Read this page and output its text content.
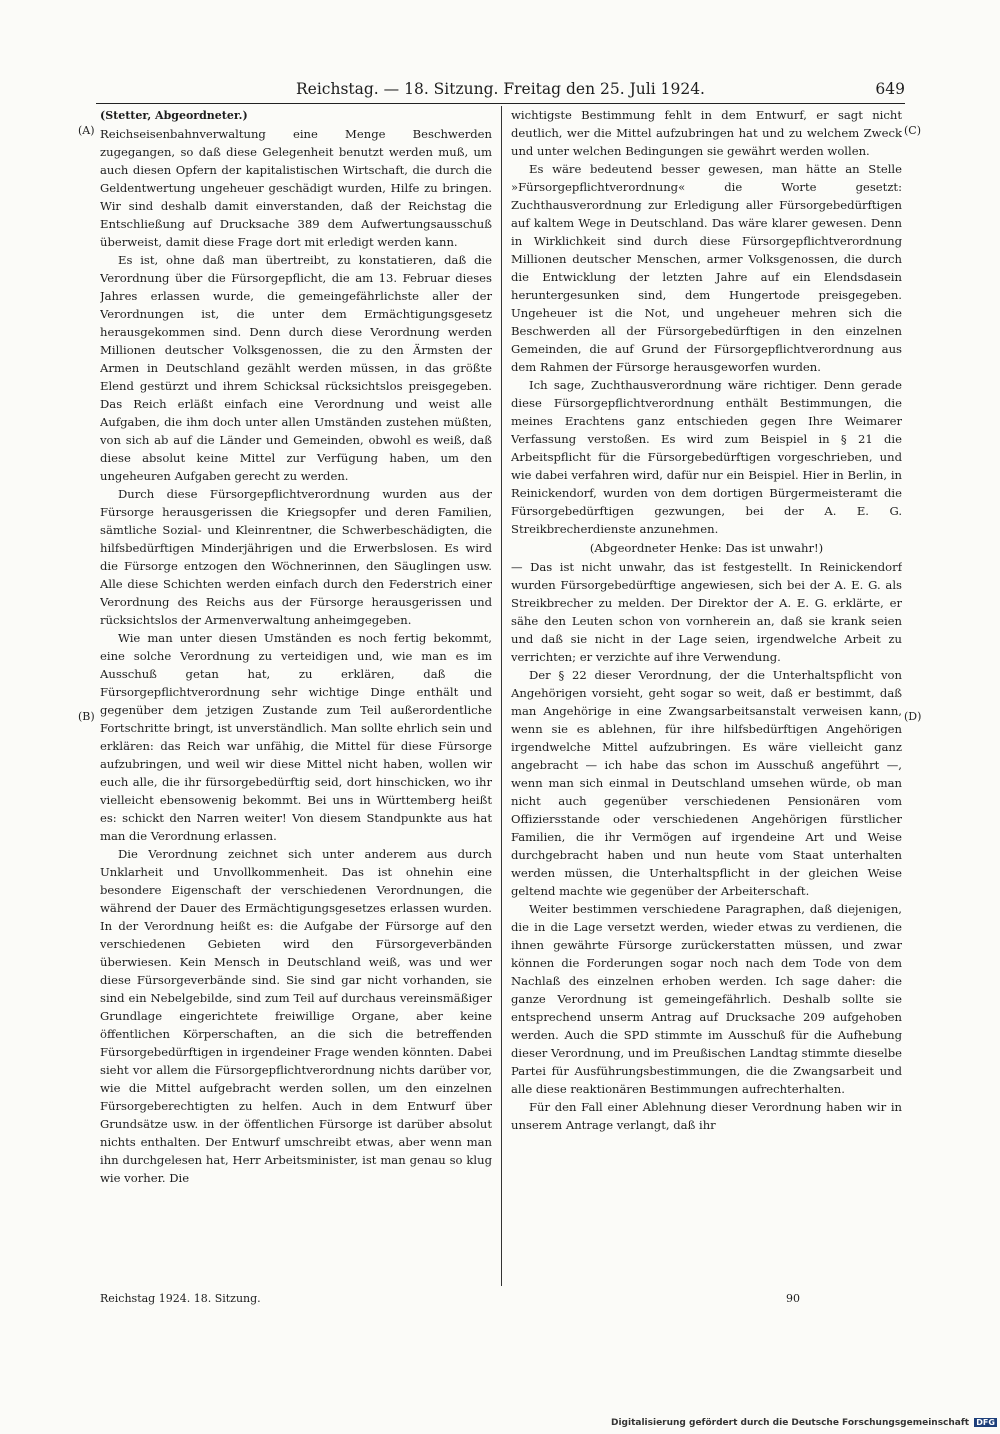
Reichstag. — 18. Sitzung. Freitag den 25. Juli 1924.	649
(A)
(B)
(C)
(D)

(Stetter, Abgeordneter.)

Reichseisenbahnverwaltung eine Menge Beschwerden zugegangen, so daß diese Gelegenheit benutzt werden muß, um auch diesen Opfern der kapitalistischen Wirtschaft, die durch die Geldentwertung ungeheuer geschädigt wurden, Hilfe zu bringen. Wir sind deshalb damit einverstanden, daß der Reichstag die Entschließung auf Drucksache 389 dem Aufwertungsausschuß überweist, damit diese Frage dort mit erledigt werden kann.

Es ist, ohne daß man übertreibt, zu konstatieren, daß die Verordnung über die Fürsorgepflicht, die am 13. Februar dieses Jahres erlassen wurde, die gemeingefährlichste aller der Verordnungen ist, die unter dem Ermächtigungsgesetz herausgekommen sind. Denn durch diese Verordnung werden Millionen deutscher Volksgenossen, die zu den Ärmsten der Armen in Deutschland gezählt werden müssen, in das größte Elend gestürzt und ihrem Schicksal rücksichtslos preisgegeben. Das Reich erläßt einfach eine Verordnung und weist alle Aufgaben, die ihm doch unter allen Umständen zustehen müßten, von sich ab auf die Länder und Gemeinden, obwohl es weiß, daß diese absolut keine Mittel zur Verfügung haben, um den ungeheuren Aufgaben gerecht zu werden.

Durch diese Fürsorgepflichtverordnung wurden aus der Fürsorge herausgerissen die Kriegsopfer und deren Familien, sämtliche Sozial- und Kleinrentner, die Schwerbeschädigten, die hilfsbedürftigen Minderjährigen und die Erwerbslosen. Es wird die Fürsorge entzogen den Wöchnerinnen, den Säuglingen usw. Alle diese Schichten werden einfach durch den Federstrich einer Verordnung des Reichs aus der Fürsorge herausgerissen und rücksichtslos der Armenverwaltung anheimgegeben.

Wie man unter diesen Umständen es noch fertig bekommt, eine solche Verordnung zu verteidigen und, wie man es im Ausschuß getan hat, zu erklären, daß die Fürsorgepflichtverordnung sehr wichtige Dinge enthält und gegenüber dem jetzigen Zustande zum Teil außerordentliche Fortschritte bringt, ist unverständlich. Man sollte ehrlich sein und erklären: das Reich war unfähig, die Mittel für diese Fürsorge aufzubringen, und weil wir diese Mittel nicht haben, wollen wir euch alle, die ihr fürsorgebedürftig seid, dort hinschicken, wo ihr vielleicht ebensowenig bekommt. Bei uns in Württemberg heißt es: schickt den Narren weiter! Von diesem Standpunkte aus hat man die Verordnung erlassen.

Die Verordnung zeichnet sich unter anderem aus durch Unklarheit und Unvollkommenheit. Das ist ohnehin eine besondere Eigenschaft der verschiedenen Verordnungen, die während der Dauer des Ermächtigungsgesetzes erlassen wurden. In der Verordnung heißt es: die Aufgabe der Fürsorge auf den verschiedenen Gebieten wird den Fürsorgeverbänden überwiesen. Kein Mensch in Deutschland weiß, was und wer diese Fürsorgeverbände sind. Sie sind gar nicht vorhanden, sie sind ein Nebelgebilde, sind zum Teil auf durchaus vereinsmäßiger Grundlage eingerichtete freiwillige Organe, aber keine öffentlichen Körperschaften, an die sich die betreffenden Fürsorgebedürftigen in irgendeiner Frage wenden könnten. Dabei sieht vor allem die Fürsorgepflichtverordnung nichts darüber vor, wie die Mittel aufgebracht werden sollen, um den einzelnen Fürsorgeberechtigten zu helfen. Auch in dem Entwurf über Grundsätze usw. in der öffentlichen Fürsorge ist darüber absolut nichts enthalten. Der Entwurf umschreibt etwas, aber wenn man ihn durchgelesen hat, Herr Arbeitsminister, ist man genau so klug wie vorher. Die

wichtigste Bestimmung fehlt in dem Entwurf, er sagt nicht deutlich, wer die Mittel aufzubringen hat und zu welchem Zweck und unter welchen Bedingungen sie gewährt werden wollen.

Es wäre bedeutend besser gewesen, man hätte an Stelle »Fürsorgepflichtverordnung« die Worte gesetzt: Zuchthausverordnung zur Erledigung aller Fürsorgebedürftigen auf kaltem Wege in Deutschland. Das wäre klarer gewesen. Denn in Wirklichkeit sind durch diese Fürsorgepflichtverordnung Millionen deutscher Menschen, armer Volksgenossen, die durch die Entwicklung der letzten Jahre auf ein Elendsdasein heruntergesunken sind, dem Hungertode preisgegeben. Ungeheuer ist die Not, und ungeheuer mehren sich die Beschwerden all der Fürsorgebedürftigen in den einzelnen Gemeinden, die auf Grund der Fürsorgepflichtverordnung aus dem Rahmen der Fürsorge herausgeworfen wurden.

Ich sage, Zuchthausverordnung wäre richtiger. Denn gerade diese Fürsorgepflichtverordnung enthält Bestimmungen, die meines Erachtens ganz entschieden gegen Ihre Weimarer Verfassung verstoßen. Es wird zum Beispiel in § 21 die Arbeitspflicht für die Fürsorgebedürftigen vorgeschrieben, und wie dabei verfahren wird, dafür nur ein Beispiel. Hier in Berlin, in Reinickendorf, wurden von dem dortigen Bürgermeisteramt die Fürsorgebedürftigen gezwungen, bei der A. E. G. Streikbrecherdienste anzunehmen.

(Abgeordneter Henke: Das ist unwahr!)

— Das ist nicht unwahr, das ist festgestellt. In Reinickendorf wurden Fürsorgebedürftige angewiesen, sich bei der A. E. G. als Streikbrecher zu melden. Der Direktor der A. E. G. erklärte, er sähe den Leuten schon von vornherein an, daß sie krank seien und daß sie nicht in der Lage seien, irgendwelche Arbeit zu verrichten; er verzichte auf ihre Verwendung.

Der § 22 dieser Verordnung, der die Unterhaltspflicht von Angehörigen vorsieht, geht sogar so weit, daß er bestimmt, daß man Angehörige in eine Zwangsarbeitsanstalt verweisen kann, wenn sie es ablehnen, für ihre hilfsbedürftigen Angehörigen irgendwelche Mittel aufzubringen. Es wäre vielleicht ganz angebracht — ich habe das schon im Ausschuß angeführt —, wenn man sich einmal in Deutschland umsehen würde, ob man nicht auch gegenüber verschiedenen Pensionären vom Offiziersstande oder verschiedenen Angehörigen fürstlicher Familien, die ihr Vermögen auf irgendeine Art und Weise durchgebracht haben und nun heute vom Staat unterhalten werden müssen, die Unterhaltspflicht in der gleichen Weise geltend machte wie gegenüber der Arbeiterschaft.

Weiter bestimmen verschiedene Paragraphen, daß diejenigen, die in die Lage versetzt werden, wieder etwas zu verdienen, die ihnen gewährte Fürsorge zurückerstatten müssen, und zwar können die Forderungen sogar noch nach dem Tode von dem Nachlaß des einzelnen erhoben werden. Ich sage daher: die ganze Verordnung ist gemeingefährlich. Deshalb sollte sie entsprechend unserm Antrag auf Drucksache 209 aufgehoben werden. Auch die SPD stimmte im Ausschuß für die Aufhebung dieser Verordnung, und im Preußischen Landtag stimmte dieselbe Partei für Ausführungsbestimmungen, die die Zwangsarbeit und alle diese reaktionären Bestimmungen aufrechterhalten.

Für den Fall einer Ablehnung dieser Verordnung haben wir in unserem Antrage verlangt, daß ihr

Reichstag 1924. 18. Sitzung.	90
Digitalisierung gefördert durch die Deutsche Forschungsgemeinschaft DFG
